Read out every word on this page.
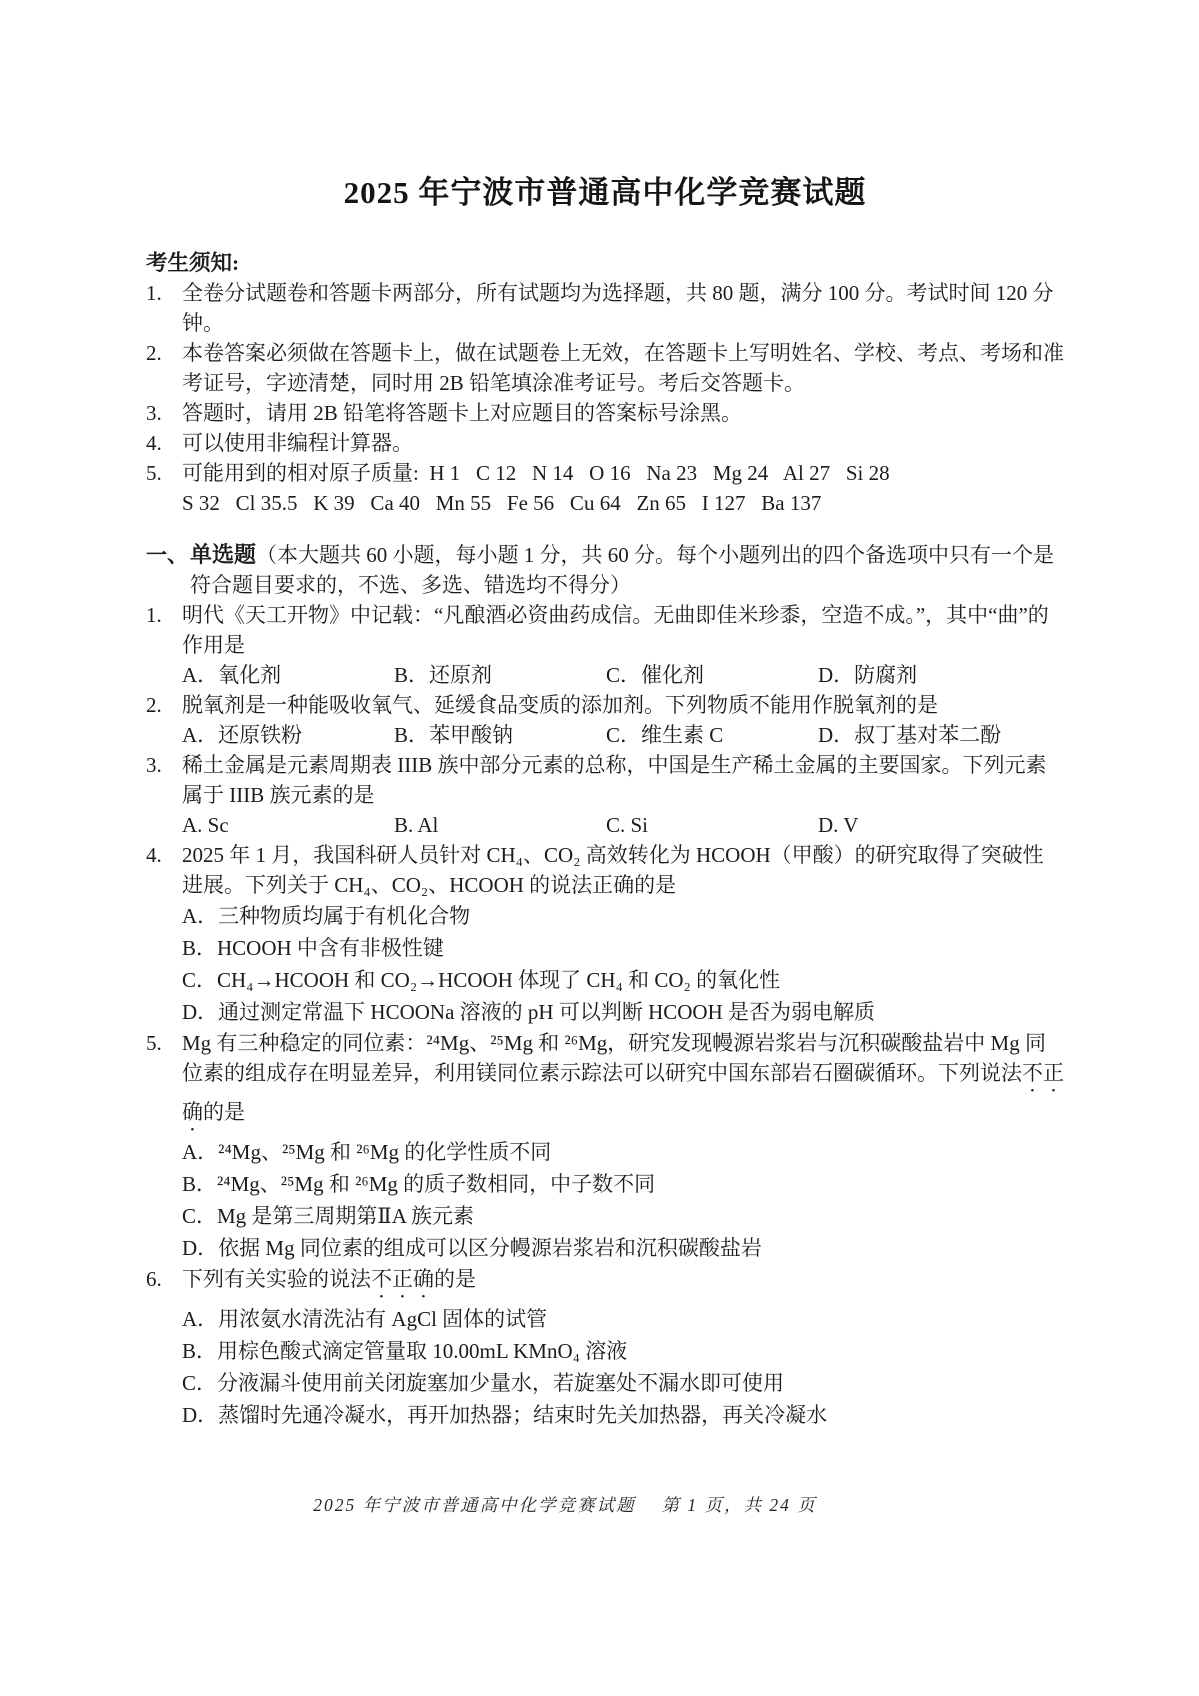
2025 年宁波市普通高中化学竞赛试题
考生须知:
1. 全卷分试题卷和答题卡两部分，所有试题均为选择题，共 80 题，满分 100 分。考试时间 120 分钟。
2. 本卷答案必须做在答题卡上，做在试题卷上无效，在答题卡上写明姓名、学校、考点、考场和准考证号，字迹清楚，同时用 2B 铅笔填涂准考证号。考后交答题卡。
3. 答题时，请用 2B 铅笔将答题卡上对应题目的答案标号涂黑。
4. 可以使用非编程计算器。
5. 可能用到的相对原子质量:  H 1   C 12   N 14   O 16   Na 23   Mg 24   Al 27   Si 28
S 32   Cl 35.5   K 39   Ca 40   Mn 55   Fe 56   Cu 64   Zn 65   I 127   Ba 137
一、 单选题（本大题共 60 小题，每小题 1 分，共 60 分。每个小题列出的四个备选项中只有一个是符合题目要求的，不选、多选、错选均不得分）
1. 明代《天工开物》中记载：“凡酿酒必资曲药成信。无曲即佳米珍黍，空造不成。”，其中“曲”的作用是
A．氧化剂	B．还原剂	C．催化剂	D．防腐剂
2. 脱氧剂是一种能吸收氧气、延缓食品变质的添加剂。下列物质不能用作脱氧剂的是
A．还原铁粉	B．苯甲酸钠	C．维生素 C	D．叔丁基对苯二酚
3. 稀土金属是元素周期表 IIIB 族中部分元素的总称，中国是生产稀土金属的主要国家。下列元素属于 IIIB 族元素的是
A. Sc	B. Al	C. Si	D. V
4. 2025 年 1 月，我国科研人员针对 CH₄、CO₂ 高效转化为 HCOOH（甲酸）的研究取得了突破性进展。下列关于 CH₄、CO₂、HCOOH 的说法正确的是
A．三种物质均属于有机化合物
B．HCOOH 中含有非极性键
C．CH₄→HCOOH 和 CO₂→HCOOH 体现了 CH₄ 和 CO₂ 的氧化性
D．通过测定常温下 HCOONa 溶液的 pH 可以判断 HCOOH 是否为弱电解质
5. Mg 有三种稳定的同位素：²⁴Mg、²⁵Mg 和 ²⁶Mg，研究发现幔源岩浆岩与沉积碳酸盐岩中 Mg 同位素的组成存在明显差异，利用镁同位素示踪法可以研究中国东部岩石圈碳循环。下列说法不正确的是
A．²⁴Mg、²⁵Mg 和 ²⁶Mg 的化学性质不同
B．²⁴Mg、²⁵Mg 和 ²⁶Mg 的质子数相同，中子数不同
C．Mg 是第三周期第ⅡA 族元素
D．依据 Mg 同位素的组成可以区分幔源岩浆岩和沉积碳酸盐岩
6. 下列有关实验的说法不正确的是
A．用浓氨水清洗沾有 AgCl 固体的试管
B．用棕色酸式滴定管量取 10.00mL KMnO₄ 溶液
C．分液漏斗使用前关闭旋塞加少量水，若旋塞处不漏水即可使用
D．蒸馏时先通冷凝水，再开加热器；结束时先关加热器，再关冷凝水
2025 年宁波市普通高中化学竞赛试题　 第 1 页，共 24 页
